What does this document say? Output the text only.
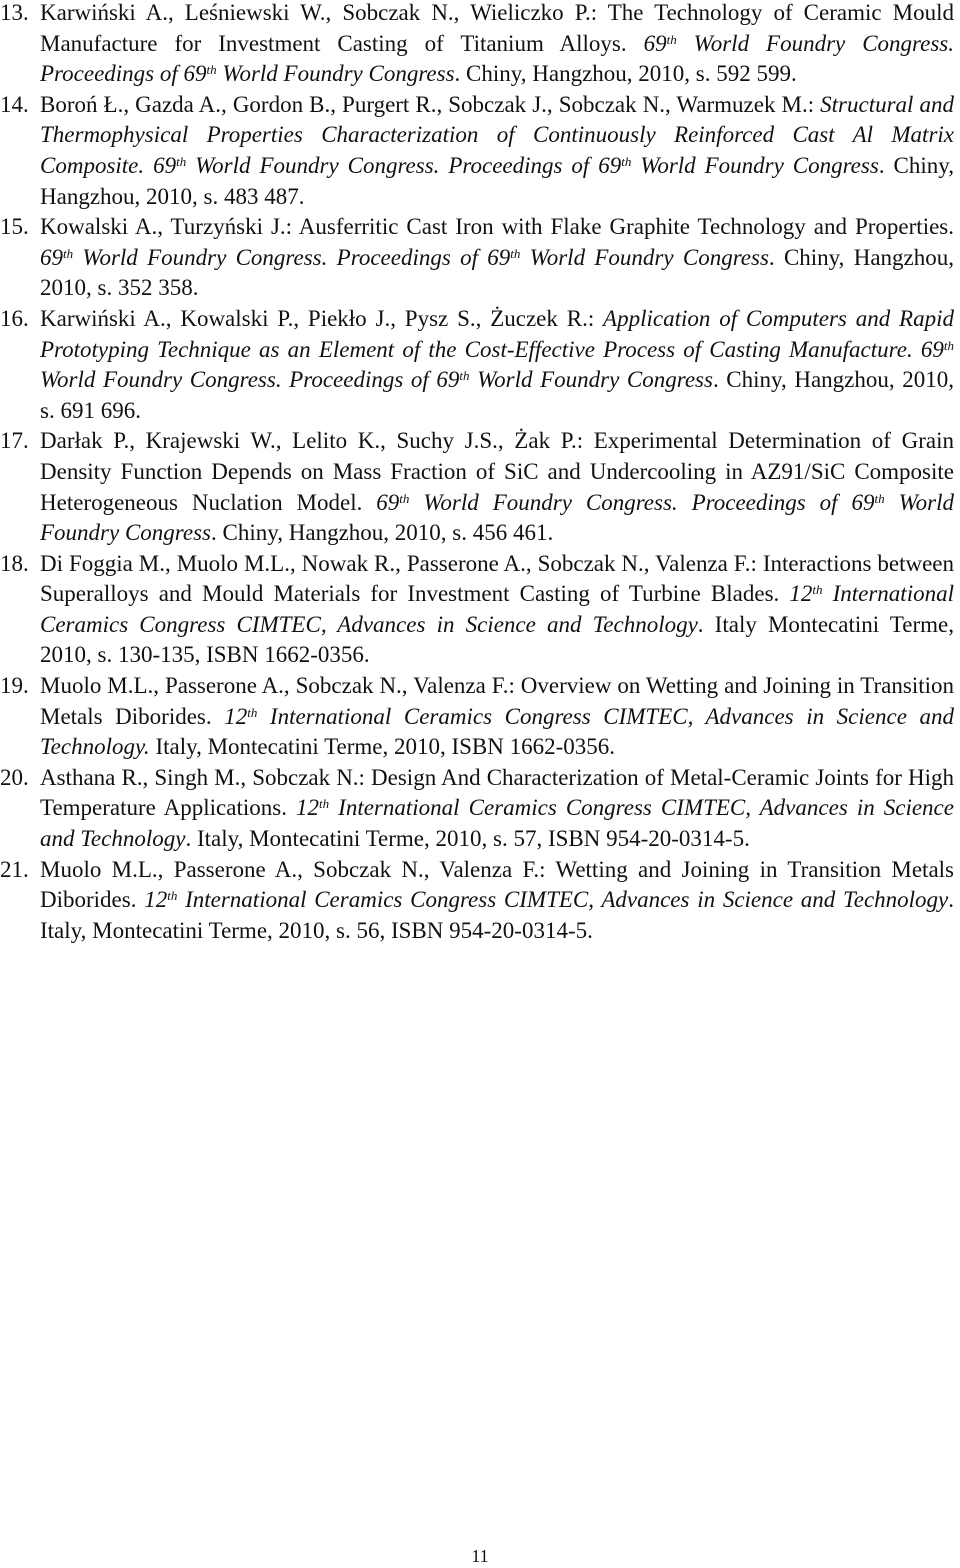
13. Karwiński A., Leśniewski W., Sobczak N., Wieliczko P.: The Technology of Ceramic Mould Manufacture for Investment Casting of Titanium Alloys. 69th World Foundry Congress. Proceedings of 69th World Foundry Congress. Chiny, Hangzhou, 2010, s. 592 599.
14. Boroń Ł., Gazda A., Gordon B., Purgert R., Sobczak J., Sobczak N., Warmuzek M.: Structural and Thermophysical Properties Characterization of Continuously Reinforced Cast Al Matrix Composite. 69th World Foundry Congress. Proceedings of 69th World Foundry Congress. Chiny, Hangzhou, 2010, s. 483 487.
15. Kowalski A., Turzyński J.: Ausferritic Cast Iron with Flake Graphite Technology and Properties. 69th World Foundry Congress. Proceedings of 69th World Foundry Congress. Chiny, Hangzhou, 2010, s. 352 358.
16. Karwiński A., Kowalski P., Piekło J., Pysz S., Żuczek R.: Application of Computers and Rapid Prototyping Technique as an Element of the Cost-Effective Process of Casting Manufacture. 69th World Foundry Congress. Proceedings of 69th World Foundry Congress. Chiny, Hangzhou, 2010, s. 691 696.
17. Darłak P., Krajewski W., Lelito K., Suchy J.S., Żak P.: Experimental Determination of Grain Density Function Depends on Mass Fraction of SiC and Undercooling in AZ91/SiC Composite Heterogeneous Nuclation Model. 69th World Foundry Congress. Proceedings of 69th World Foundry Congress. Chiny, Hangzhou, 2010, s. 456 461.
18. Di Foggia M., Muolo M.L., Nowak R., Passerone A., Sobczak N., Valenza F.: Interactions between Superalloys and Mould Materials for Investment Casting of Turbine Blades. 12th International Ceramics Congress CIMTEC, Advances in Science and Technology. Italy Montecatini Terme, 2010, s. 130-135, ISBN 1662-0356.
19. Muolo M.L., Passerone A., Sobczak N., Valenza F.: Overview on Wetting and Joining in Transition Metals Diborides. 12th International Ceramics Congress CIMTEC, Advances in Science and Technology. Italy, Montecatini Terme, 2010, ISBN 1662-0356.
20. Asthana R., Singh M., Sobczak N.: Design And Characterization of Metal-Ceramic Joints for High Temperature Applications. 12th International Ceramics Congress CIMTEC, Advances in Science and Technology. Italy, Montecatini Terme, 2010, s. 57, ISBN 954-20-0314-5.
21. Muolo M.L., Passerone A., Sobczak N., Valenza F.: Wetting and Joining in Transition Metals Diborides. 12th International Ceramics Congress CIMTEC, Advances in Science and Technology. Italy, Montecatini Terme, 2010, s. 56, ISBN 954-20-0314-5.
11
